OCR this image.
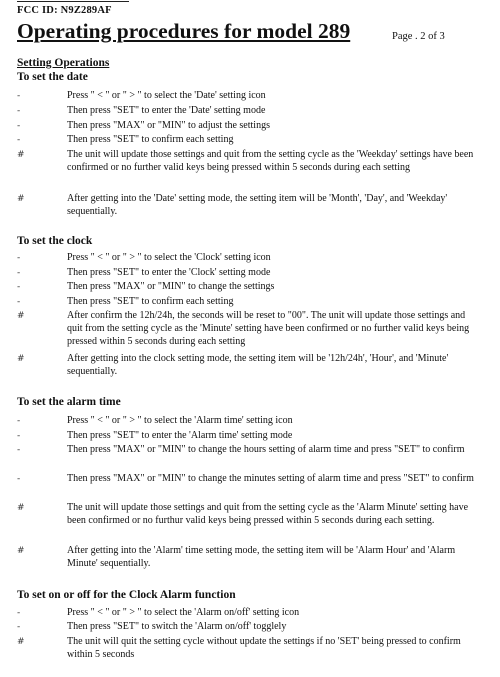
FCC ID: N9Z289AF
Operating procedures for model 289	Page . 2 of 3
Setting Operations
To set the date
-	Press " < " or " > " to select the 'Date' setting icon
-	Then press "SET" to enter the 'Date' setting mode
-	Then press "MAX" or "MIN" to adjust the settings
-	Then press "SET" to confirm each setting
#	The unit will update those settings and quit from the setting cycle as the 'Weekday' settings have been confirmed or no further valid keys being pressed within 5 seconds during each setting
#	After getting into the 'Date' setting mode, the setting item will be 'Month', 'Day', and 'Weekday' sequentially.
To set the clock
-	Press " < " or " > " to select the 'Clock' setting icon
-	Then press "SET" to enter the 'Clock' setting mode
-	Then press "MAX" or "MIN" to change the settings
-	Then press "SET" to confirm each setting
#	After confirm the 12h/24h, the seconds will be reset to "00". The unit will update those settings and quit from the setting cycle as the 'Minute' setting have been confirmed or no further valid keys being pressed within 5 seconds during each setting
#	After getting into the clock setting mode, the setting item will be '12h/24h', 'Hour', and 'Minute' sequentially.
To set the alarm time
-	Press " < " or " > " to select the 'Alarm time' setting icon
-	Then press "SET" to enter the 'Alarm time' setting mode
-	Then press "MAX" or "MIN" to change the hours setting of alarm time and press "SET" to confirm
-	Then press "MAX" or "MIN" to change the minutes setting of alarm time and press "SET" to confirm
#	The unit will update those settings and quit from the setting cycle as the 'Alarm Minute' setting have been confirmed or no furthur valid keys being pressed within 5 seconds during each setting.
#	After getting into the 'Alarm' time setting mode, the setting item will be 'Alarm Hour' and 'Alarm Minute' sequentially.
To set on or off for the Clock Alarm function
-	Press " < " or " > " to select the 'Alarm on/off' setting icon
-	Then press "SET" to switch the 'Alarm on/off' togglely
#	The unit will quit the setting cycle without update the settings if no 'SET' being pressed to confirm within 5 seconds
